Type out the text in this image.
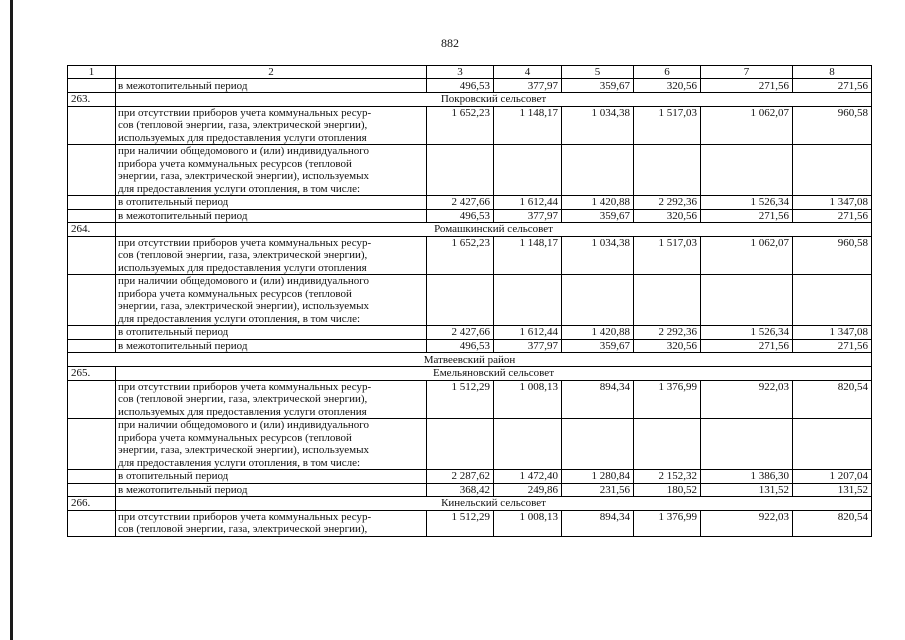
882
1	2	3	4	5	6	7	8
	в межотопительный период	496,53	377,97	359,67	320,56	271,56	271,56
263.	Покровский сельсовет						

	при отсутствии приборов учета коммунальных ресур-
сов (тепловой энергии, газа, электрической энергии),
используемых для предоставления услуги отопления	1 652,23	1 148,17	1 034,38	1 517,03	1 062,07	960,58

	при наличии общедомового и (или) индивидуального
прибора учета коммунальных ресурсов (тепловой
энергии, газа, электрической энергии), используемых
для предоставления услуги отопления, в том числе:						

	в отопительный период	2 427,66	1 612,44	1 420,88	2 292,36	1 526,34	1 347,08
	в межотопительный период	496,53	377,97	359,67	320,56	271,56	271,56
264.	Ромашкинский сельсовет						

	при отсутствии приборов учета коммунальных ресур-
сов (тепловой энергии, газа, электрической энергии),
используемых для предоставления услуги отопления	1 652,23	1 148,17	1 034,38	1 517,03	1 062,07	960,58

	при наличии общедомового и (или) индивидуального
прибора учета коммунальных ресурсов (тепловой
энергии, газа, электрической энергии), используемых
для предоставления услуги отопления, в том числе:						

	в отопительный период	2 427,66	1 612,44	1 420,88	2 292,36	1 526,34	1 347,08
	в межотопительный период	496,53	377,97	359,67	320,56	271,56	271,56
Матвеевский район							
265.	Емельяновский сельсовет						

	при отсутствии приборов учета коммунальных ресур-
сов (тепловой энергии, газа, электрической энергии),
используемых для предоставления услуги отопления	1 512,29	1 008,13	894,34	1 376,99	922,03	820,54

	при наличии общедомового и (или) индивидуального
прибора учета коммунальных ресурсов (тепловой
энергии, газа, электрической энергии), используемых
для предоставления услуги отопления, в том числе:						

	в отопительный период	2 287,62	1 472,40	1 280,84	2 152,32	1 386,30	1 207,04
	в межотопительный период	368,42	249,86	231,56	180,52	131,52	131,52
266.	Кинельский сельсовет						

	при отсутствии приборов учета коммунальных ресур-
сов (тепловой энергии, газа, электрической энергии),	1 512,29	1 008,13	894,34	1 376,99	922,03	820,54
